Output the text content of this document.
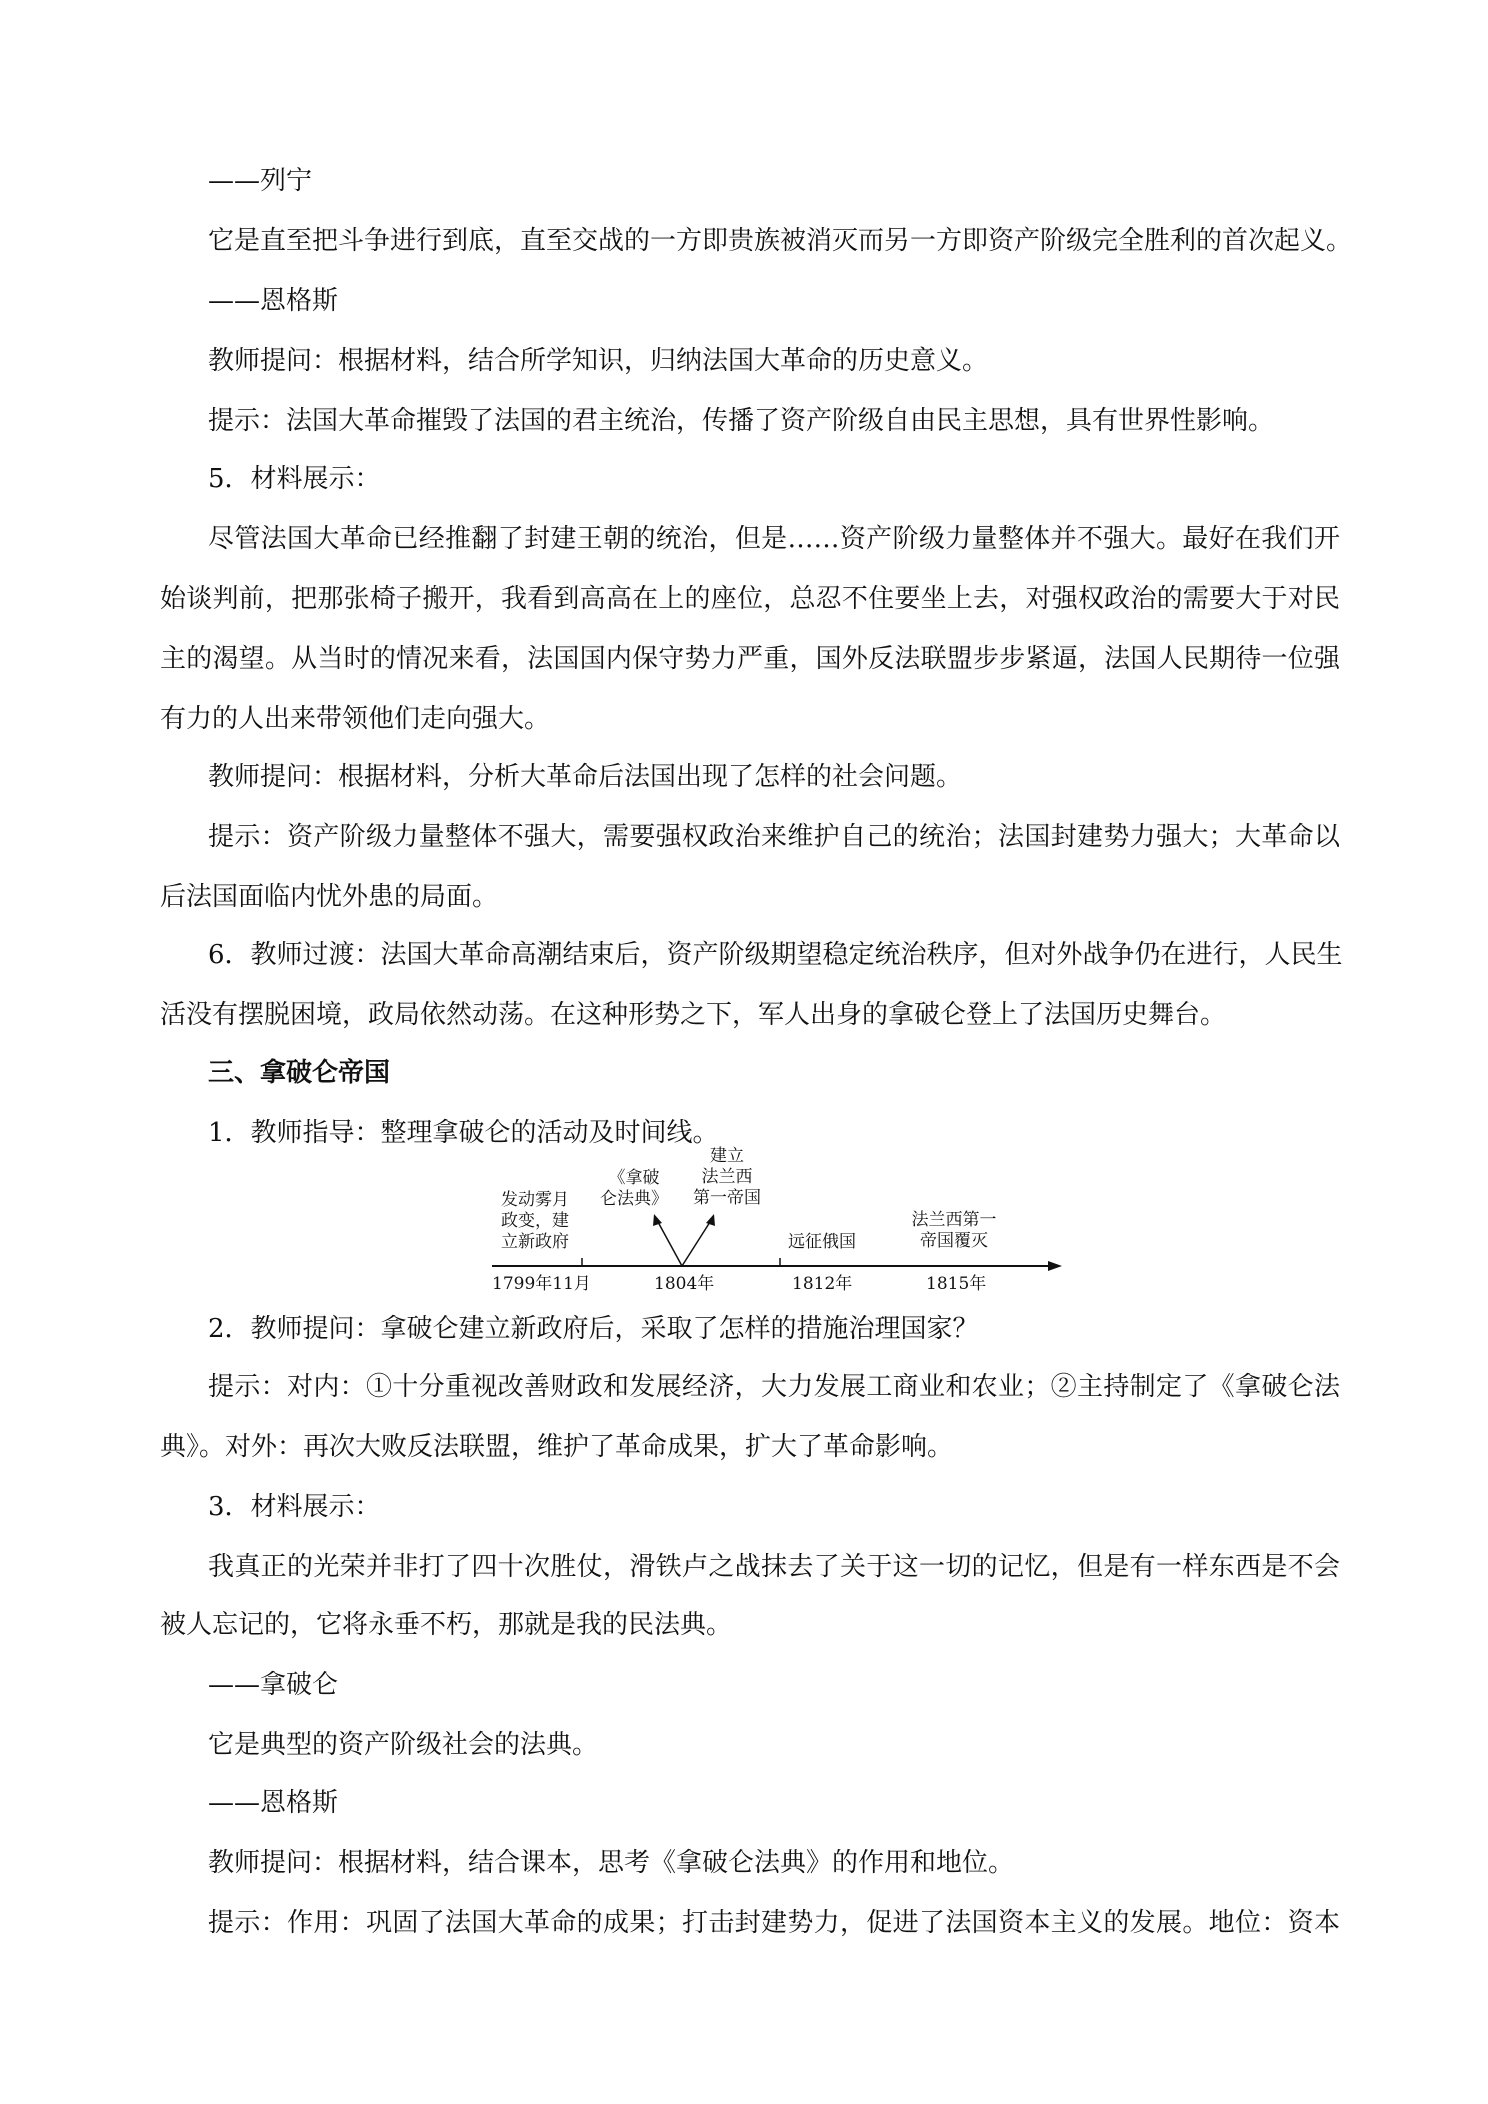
——列宁
它是直至把斗争进行到底，直至交战的一方即贵族被消灭而另一方即资产阶级完全胜利的首次起义。
——恩格斯
教师提问：根据材料，结合所学知识，归纳法国大革命的历史意义。
提示：法国大革命摧毁了法国的君主统治，传播了资产阶级自由民主思想，具有世界性影响。
5．材料展示：
尽管法国大革命已经推翻了封建王朝的统治，但是……资产阶级力量整体并不强大。最好在我们开
始谈判前，把那张椅子搬开，我看到高高在上的座位，总忍不住要坐上去，对强权政治的需要大于对民
主的渴望。从当时的情况来看，法国国内保守势力严重，国外反法联盟步步紧逼，法国人民期待一位强
有力的人出来带领他们走向强大。
教师提问：根据材料，分析大革命后法国出现了怎样的社会问题。
提示：资产阶级力量整体不强大，需要强权政治来维护自己的统治；法国封建势力强大；大革命以
后法国面临内忧外患的局面。
6．教师过渡：法国大革命高潮结束后，资产阶级期望稳定统治秩序，但对外战争仍在进行，人民生
活没有摆脱困境，政局依然动荡。在这种形势之下，军人出身的拿破仑登上了法国历史舞台。
三、拿破仑帝国
1．教师指导：整理拿破仑的活动及时间线。
发动雾月
政变，建
立新政府
《拿破
仑法典》
建立
法兰西
第一帝国
远征俄国
法兰西第一
帝国覆灭
1799年11月	1804年	1812年	1815年
2．教师提问：拿破仑建立新政府后，采取了怎样的措施治理国家？
提示：对内：①十分重视改善财政和发展经济，大力发展工商业和农业；②主持制定了《拿破仑法
典》。对外：再次大败反法联盟，维护了革命成果，扩大了革命影响。
3．材料展示：
我真正的光荣并非打了四十次胜仗，滑铁卢之战抹去了关于这一切的记忆，但是有一样东西是不会
被人忘记的，它将永垂不朽，那就是我的民法典。
——拿破仑
它是典型的资产阶级社会的法典。
——恩格斯
教师提问：根据材料，结合课本，思考《拿破仑法典》的作用和地位。
提示：作用：巩固了法国大革命的成果；打击封建势力，促进了法国资本主义的发展。地位：资本
